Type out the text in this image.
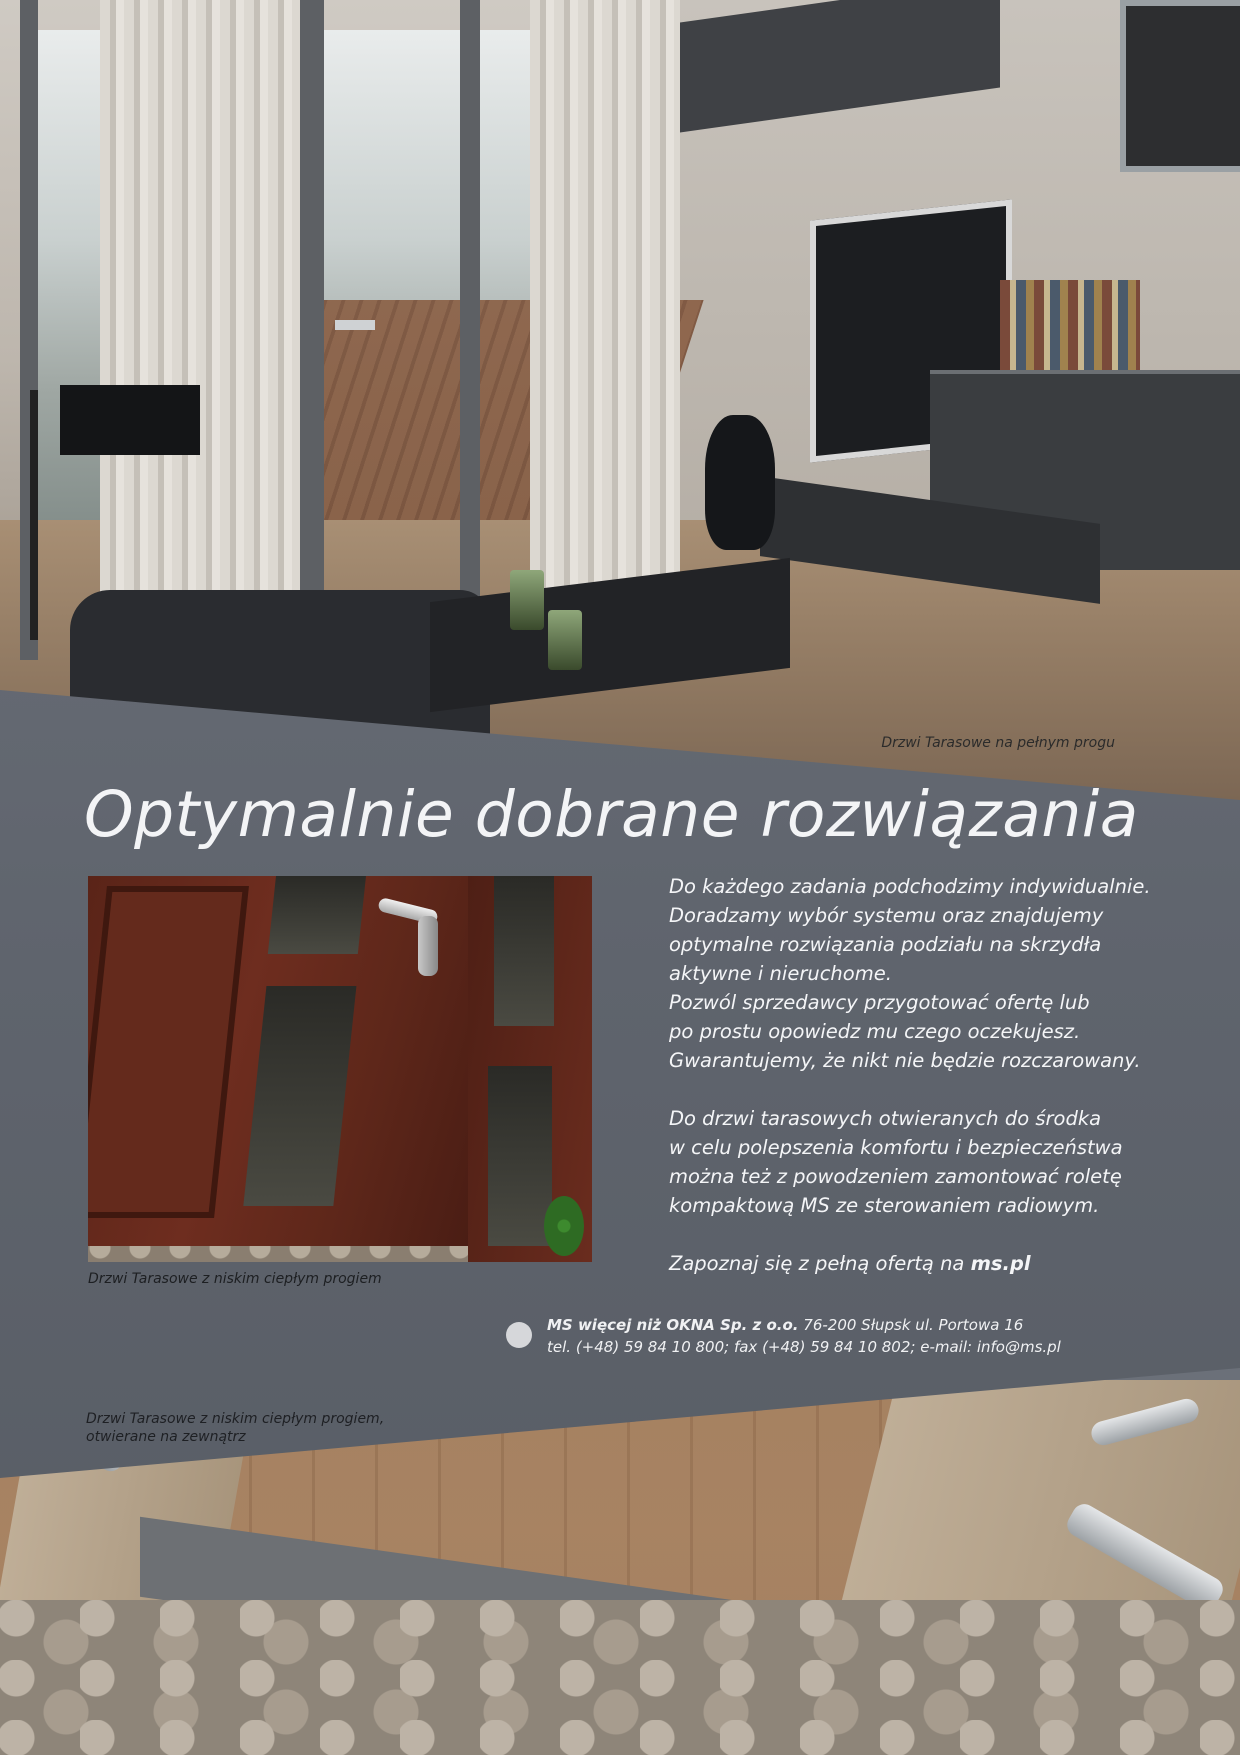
Drzwi Tarasowe na pełnym progu
Optymalnie dobrane rozwiązania
Drzwi Tarasowe z niskim ciepłym progiem

Do każdego zadania podchodzimy indywidualnie.
Doradzamy wybór systemu oraz znajdujemy
optymalne rozwiązania podziału na skrzydła
aktywne i nieruchome.
Pozwól sprzedawcy przygotować ofertę lub
po prostu opowiedz mu czego oczekujesz.
Gwarantujemy, że nikt nie będzie rozczarowany.

Do drzwi tarasowych otwieranych do środka
w celu polepszenia komfortu i bezpieczeństwa
można też z powodzeniem zamontować roletę
kompaktową MS ze sterowaniem radiowym.

Zapoznaj się z pełną ofertą na ms.pl

MS więcej niż OKNA Sp. z o.o. 76-200 Słupsk ul. Portowa 16
tel. (+48) 59 84 10 800; fax (+48) 59 84 10 802; e-mail: info@ms.pl
Drzwi Tarasowe z niskim ciepłym progiem,
otwierane na zewnątrz
